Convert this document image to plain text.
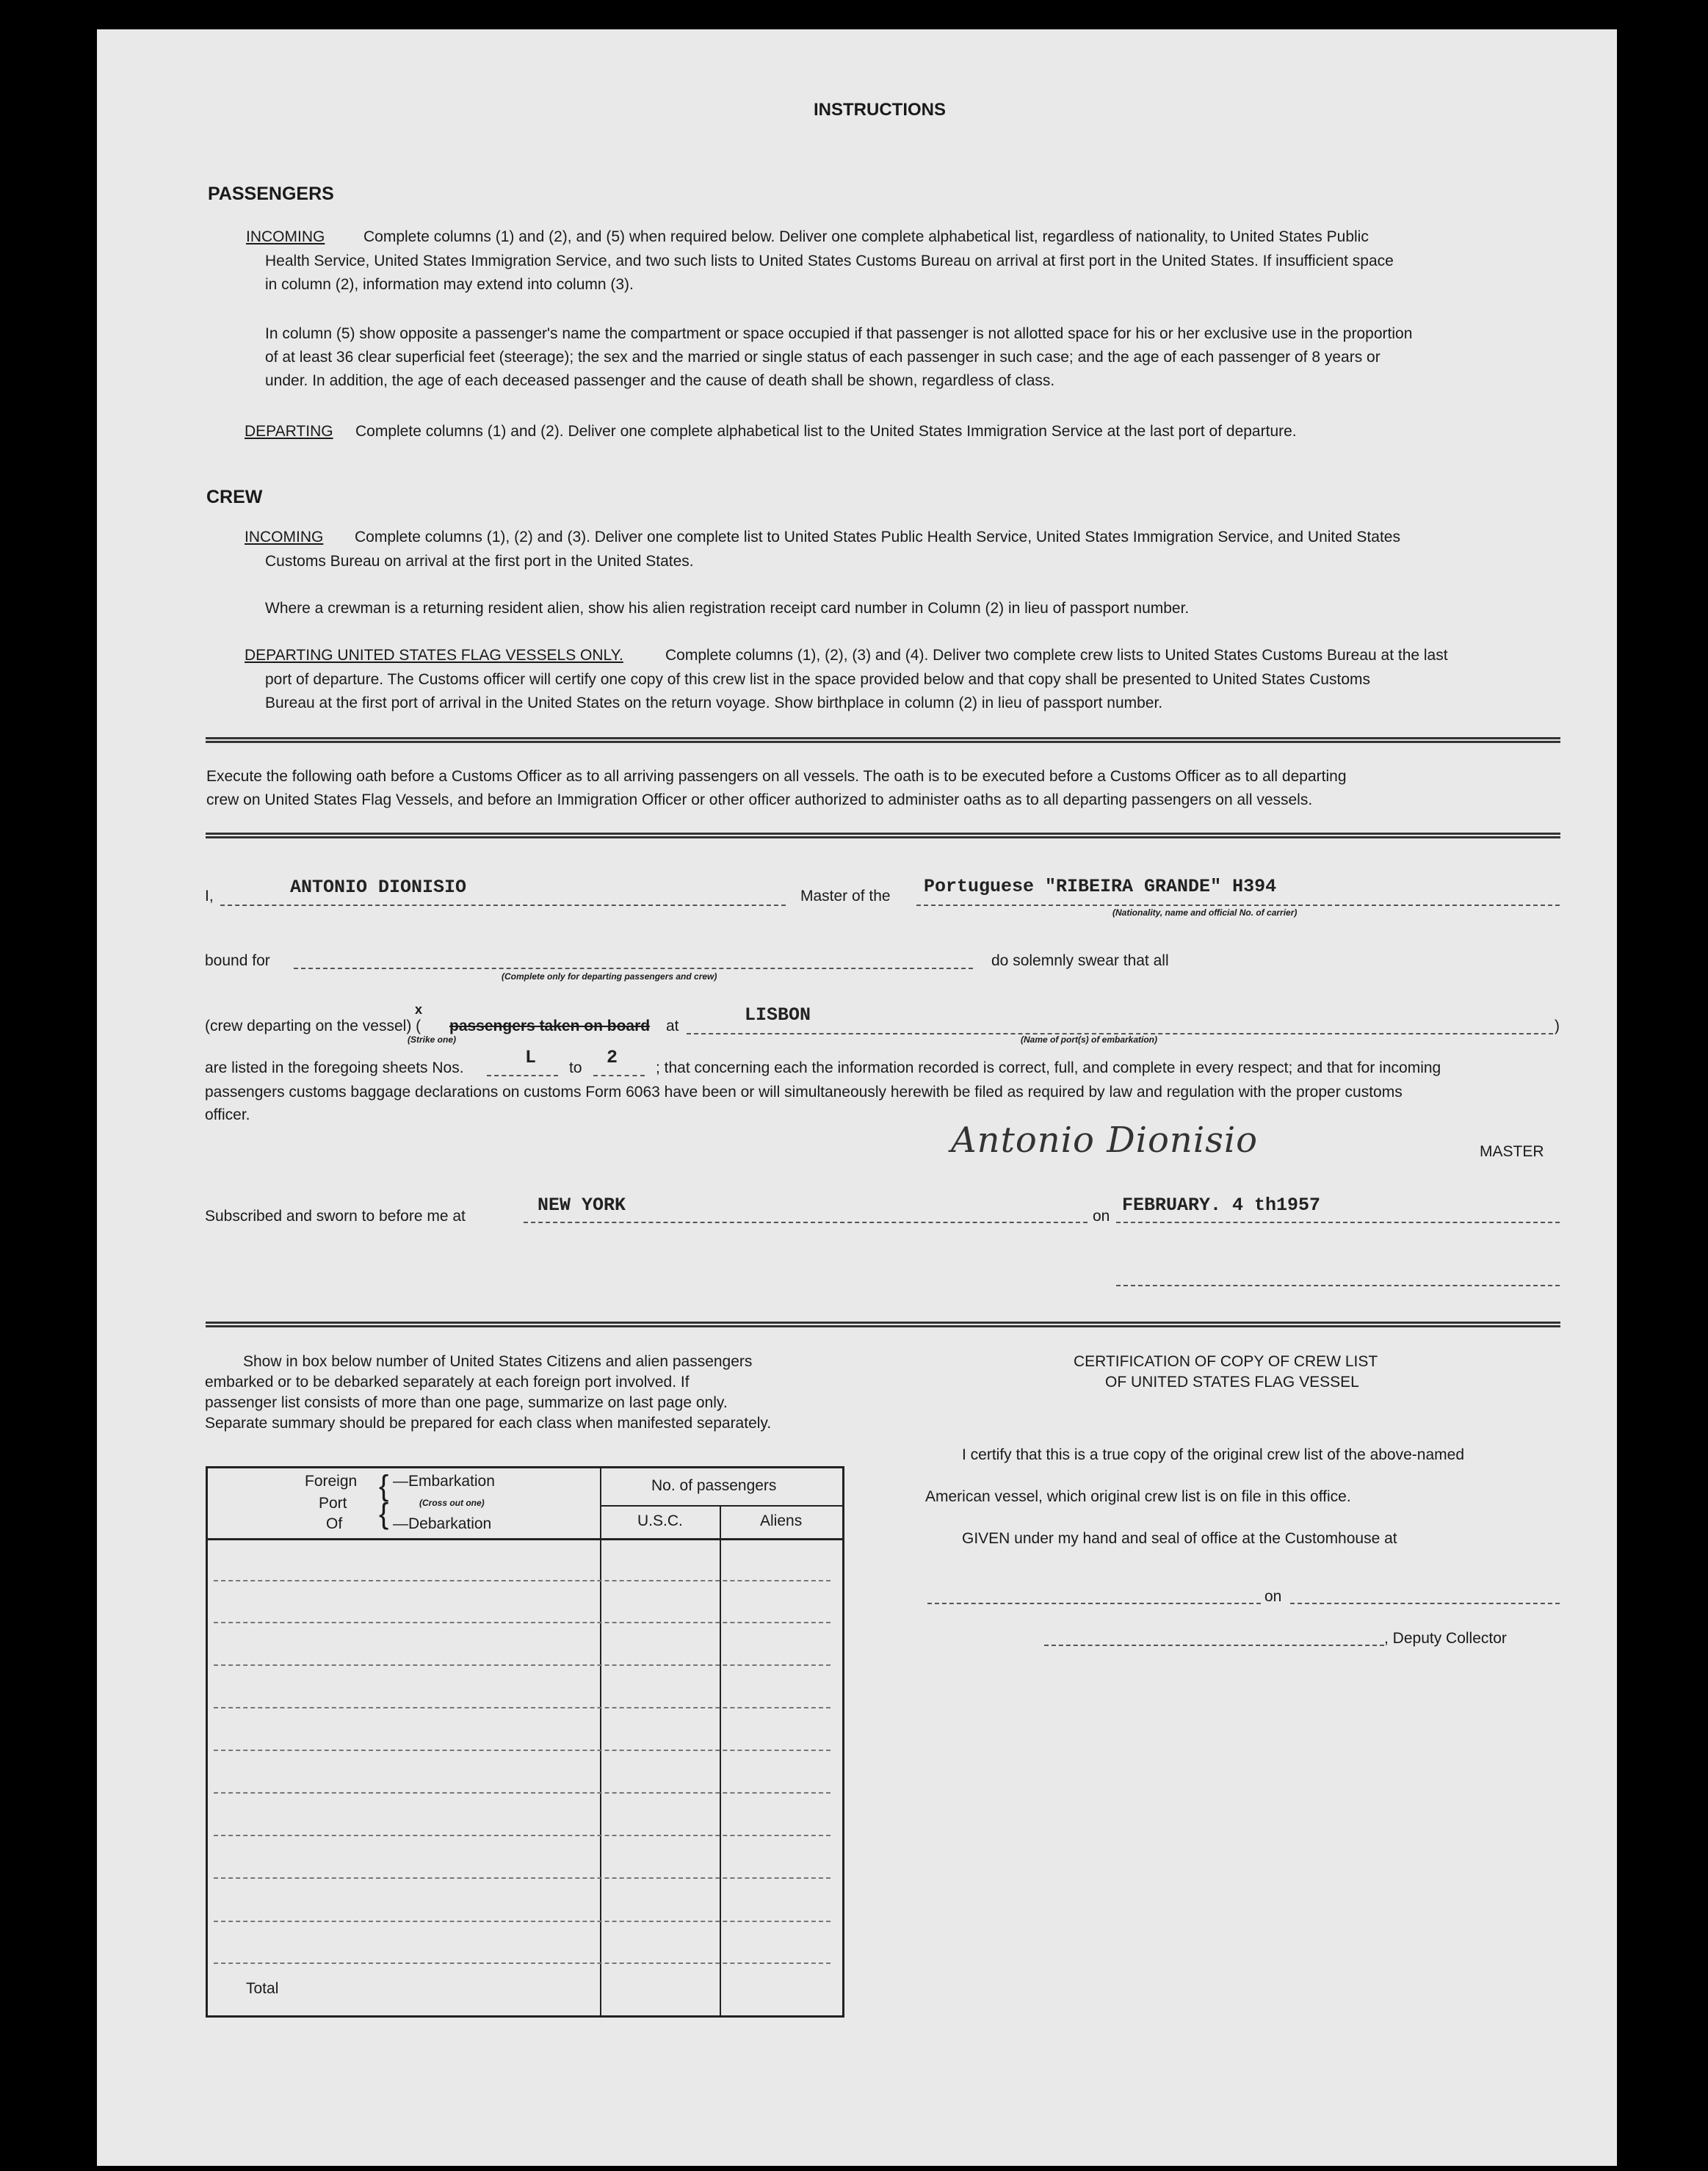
INSTRUCTIONS
PASSENGERS
INCOMING	Complete columns (1) and (2), and (5) when required below. Deliver one complete alphabetical list, regardless of nationality, to United States Public
Health Service, United States Immigration Service, and two such lists to United States Customs Bureau on arrival at first port in the United States. If insufficient space
in column (2), information may extend into column (3).
In column (5) show opposite a passenger's name the compartment or space occupied if that passenger is not allotted space for his or her exclusive use in the proportion
of at least 36 clear superficial feet (steerage); the sex and the married or single status of each passenger in such case; and the age of each passenger of 8 years or
under. In addition, the age of each deceased passenger and the cause of death shall be shown, regardless of class.
DEPARTING Complete columns (1) and (2). Deliver one complete alphabetical list to the United States Immigration Service at the last port of departure.
CREW
INCOMING Complete columns (1), (2) and (3). Deliver one complete list to United States Public Health Service, United States Immigration Service, and United States
Customs Bureau on arrival at the first port in the United States.
Where a crewman is a returning resident alien, show his alien registration receipt card number in Column (2) in lieu of passport number.
DEPARTING UNITED STATES FLAG VESSELS ONLY.	Complete columns (1), (2), (3) and (4). Deliver two complete crew lists to United States Customs Bureau at the last
port of departure. The Customs officer will certify one copy of this crew list in the space provided below and that copy shall be presented to United States Customs
Bureau at the first port of arrival in the United States on the return voyage. Show birthplace in column (2) in lieu of passport number.
Execute the following oath before a Customs Officer as to all arriving passengers on all vessels. The oath is to be executed before a Customs Officer as to all departing
crew on United States Flag Vessels, and before an Immigration Officer or other officer authorized to administer oaths as to all departing passengers on all vessels.
I,	ANTONIO DIONISIO	Master of the Portuguese "RIBEIRA GRANDE" H394
(Nationality, name and official No. of carrier)
bound for
(Complete only for departing passengers and crew)
do solemnly swear that all
(crew departing on the vessel) ( passengers taken on board at
x
(Strike one)
LISBON
(Name of port(s) of embarkation)
)
are listed in the foregoing sheets Nos.	L to 2 ; that concerning each the information recorded is correct, full, and complete in every respect; and that for incoming
passengers customs baggage declarations on customs Form 6063 have been or will simultaneously herewith be filed as required by law and regulation with the proper customs
officer.
Antonio Dionisio	MASTER
Subscribed and sworn to before me at
NEW YORK
on
FEBRUARY. 4 th1957
Show in box below number of United States Citizens and alien passengers
embarked or to be debarked separately at each foreign port involved. If
passenger list consists of more than one page, summarize on last page only.
Separate summary should be prepared for each class when manifested separately.
Foreign
Port
Of
{
{
—Embarkation
(Cross out one)
—Debarkation
No. of passengers
U.S.C.	Aliens
Total
CERTIFICATION OF COPY OF CREW LIST
OF UNITED STATES FLAG VESSEL
I certify that this is a true copy of the original crew list of the above-named
American vessel, which original crew list is on file in this office.
GIVEN under my hand and seal of office at the Customhouse at
on
, Deputy Collector
